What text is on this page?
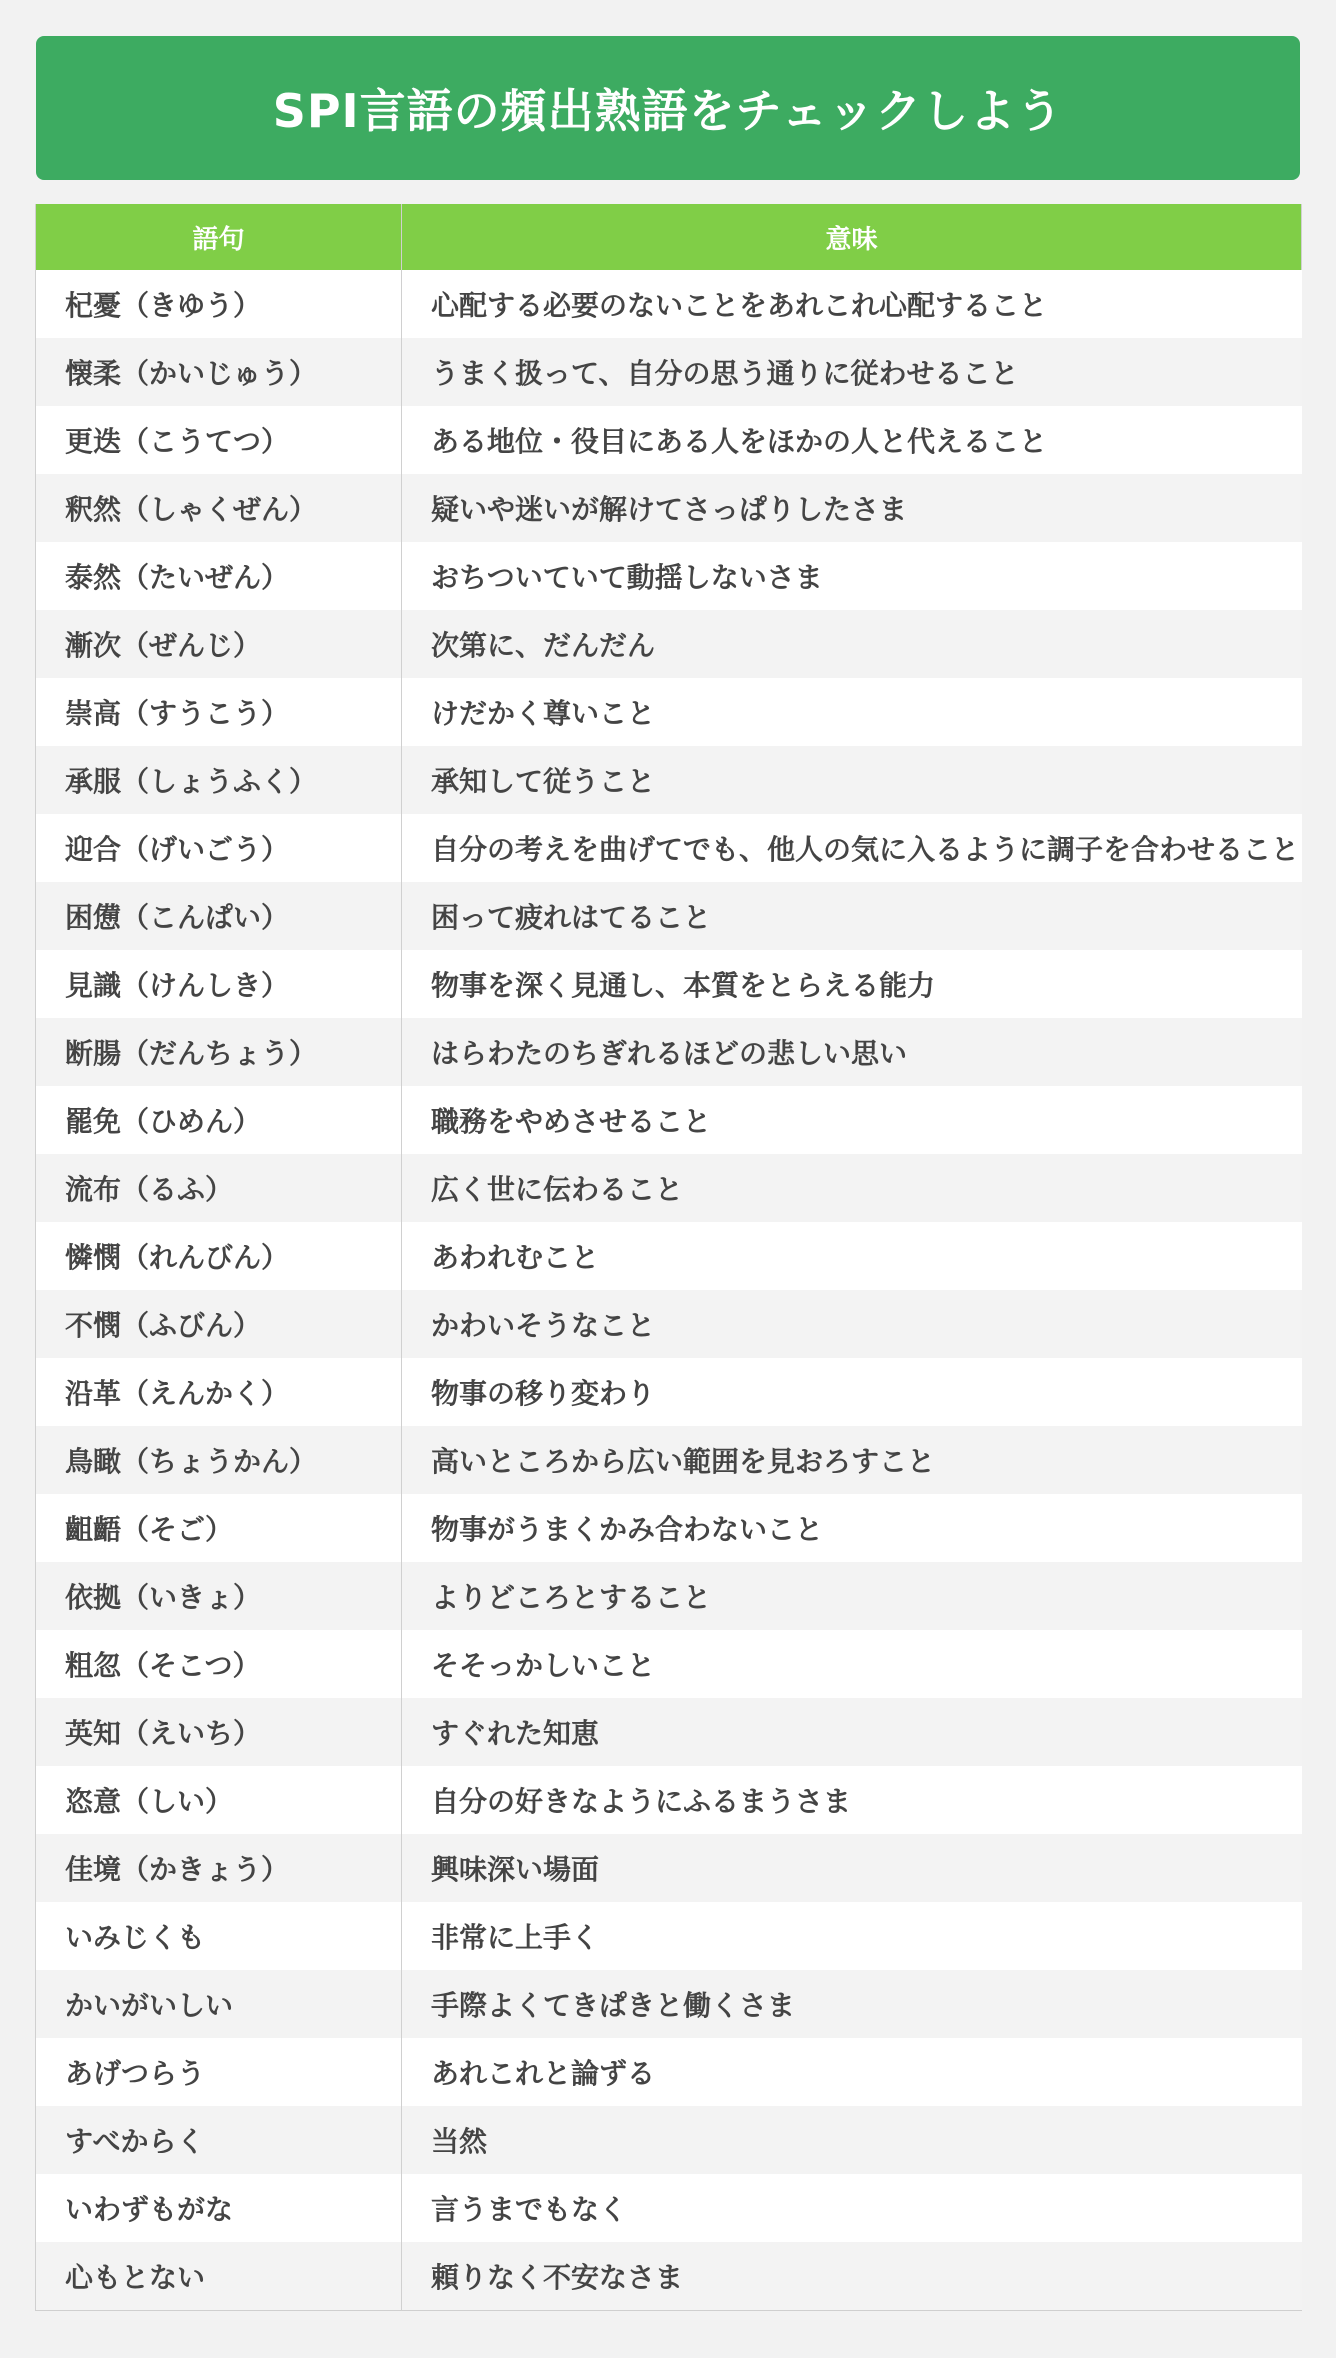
SPI言語の頻出熟語をチェックしよう
語句	意味
杞憂（きゆう）	心配する必要のないことをあれこれ心配すること
懐柔（かいじゅう）	うまく扱って、自分の思う通りに従わせること
更迭（こうてつ）	ある地位・役目にある人をほかの人と代えること
釈然（しゃくぜん）	疑いや迷いが解けてさっぱりしたさま
泰然（たいぜん）	おちついていて動揺しないさま
漸次（ぜんじ）	次第に、だんだん
崇高（すうこう）	けだかく尊いこと
承服（しょうふく）	承知して従うこと
迎合（げいごう）	自分の考えを曲げてでも、他人の気に入るように調子を合わせること
困憊（こんぱい）	困って疲れはてること
見識（けんしき）	物事を深く見通し、本質をとらえる能力
断腸（だんちょう）	はらわたのちぎれるほどの悲しい思い
罷免（ひめん）	職務をやめさせること
流布（るふ）	広く世に伝わること
憐憫（れんびん）	あわれむこと
不憫（ふびん）	かわいそうなこと
沿革（えんかく）	物事の移り変わり
鳥瞰（ちょうかん）	高いところから広い範囲を見おろすこと
齟齬（そご）	物事がうまくかみ合わないこと
依拠（いきょ）	よりどころとすること
粗忽（そこつ）	そそっかしいこと
英知（えいち）	すぐれた知恵
恣意（しい）	自分の好きなようにふるまうさま
佳境（かきょう）	興味深い場面
いみじくも	非常に上手く
かいがいしい	手際よくてきぱきと働くさま
あげつらう	あれこれと論ずる
すべからく	当然
いわずもがな	言うまでもなく
心もとない	頼りなく不安なさま
